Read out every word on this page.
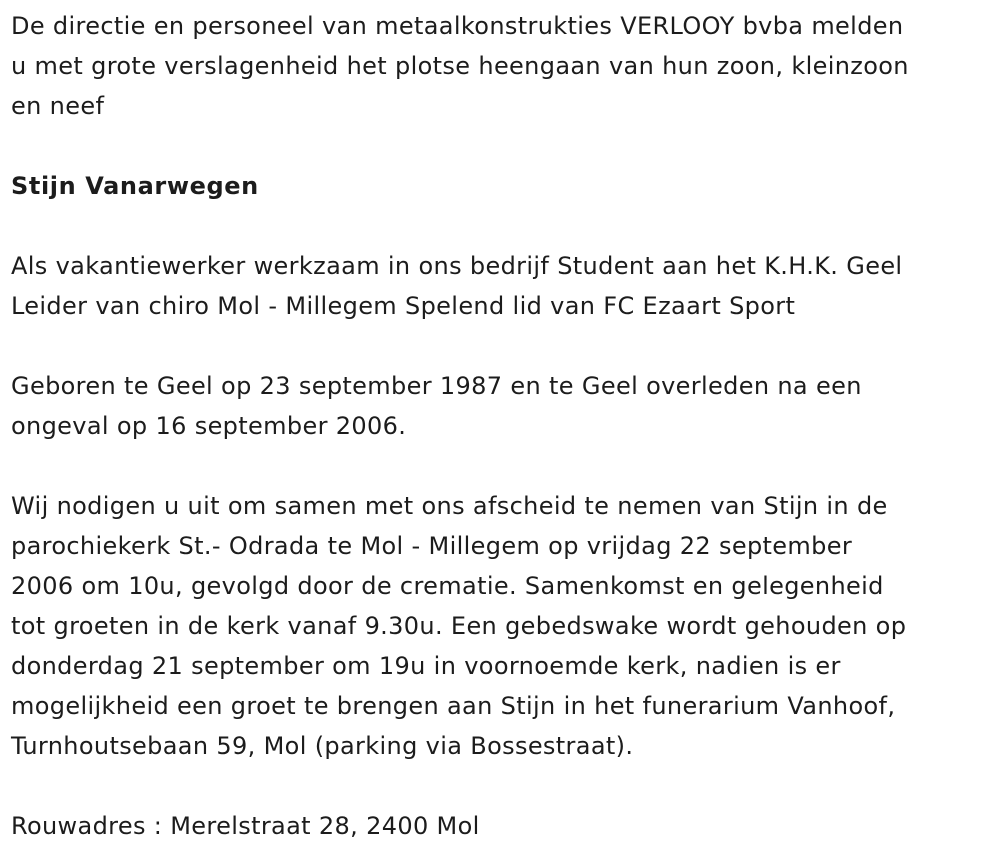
De directie en personeel van metaalkonstrukties VERLOOY bvba melden
u met grote verslagenheid het plotse heengaan van hun zoon, kleinzoon
en neef
Stijn Vanarwegen
Als vakantiewerker werkzaam in ons bedrijf Student aan het K.H.K. Geel
Leider van chiro Mol - Millegem Spelend lid van FC Ezaart Sport
Geboren te Geel op 23 september 1987 en te Geel overleden na een
ongeval op 16 september 2006.
Wij nodigen u uit om samen met ons afscheid te nemen van Stijn in de
parochiekerk St.- Odrada te Mol - Millegem op vrijdag 22 september
2006 om 10u, gevolgd door de crematie. Samenkomst en gelegenheid
tot groeten in de kerk vanaf 9.30u. Een gebedswake wordt gehouden op
donderdag 21 september om 19u in voornoemde kerk, nadien is er
mogelijkheid een groet te brengen aan Stijn in het funerarium Vanhoof,
Turnhoutsebaan 59, Mol (parking via Bossestraat).
Rouwadres : Merelstraat 28, 2400 Mol
